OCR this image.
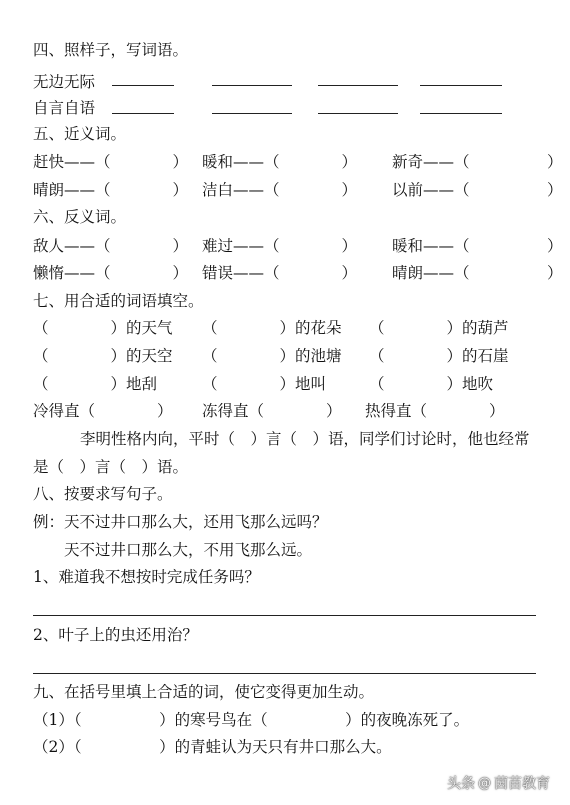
四、照样子，写词语。
无边无际
自言自语
五、近义词。
赶快——（　　　　） 暖和——（　　　　） 新奇——（　　　　　）
晴朗——（　　　　） 洁白——（　　　　） 以前——（　　　　　）
六、反义词。
敌人——（　　　　） 难过——（　　　　） 暖和——（　　　　　）
懒惰——（　　　　） 错误——（　　　　） 晴朗——（　　　　　）
七、用合适的词语填空。
（　　　　）的天气 （　　　　）的花朵 （　　　　）的葫芦
（　　　　）的天空 （　　　　）的池塘 （　　　　）的石崖
（　　　　）地刮	（　　　　）地叫	（　　　　）地吹
冷得直（　　　　） 冻得直（　　　　） 热得直（　　　　）
李明性格内向，平时（　）言（　）语，同学们讨论时，他也经常
是（　）言（　）语。
八、按要求写句子。
例：天不过井口那么大，还用飞那么远吗？
天不过井口那么大，不用飞那么远。
1、难道我不想按时完成任务吗？
2、叶子上的虫还用治？
九、在括号里填上合适的词，使它变得更加生动。
（1）（　　　　　）的寒号鸟在（　　　　　）的夜晚冻死了。
（2）（　　　　　）的青蛙认为天只有井口那么大。
头条 @ 茵苗教育
